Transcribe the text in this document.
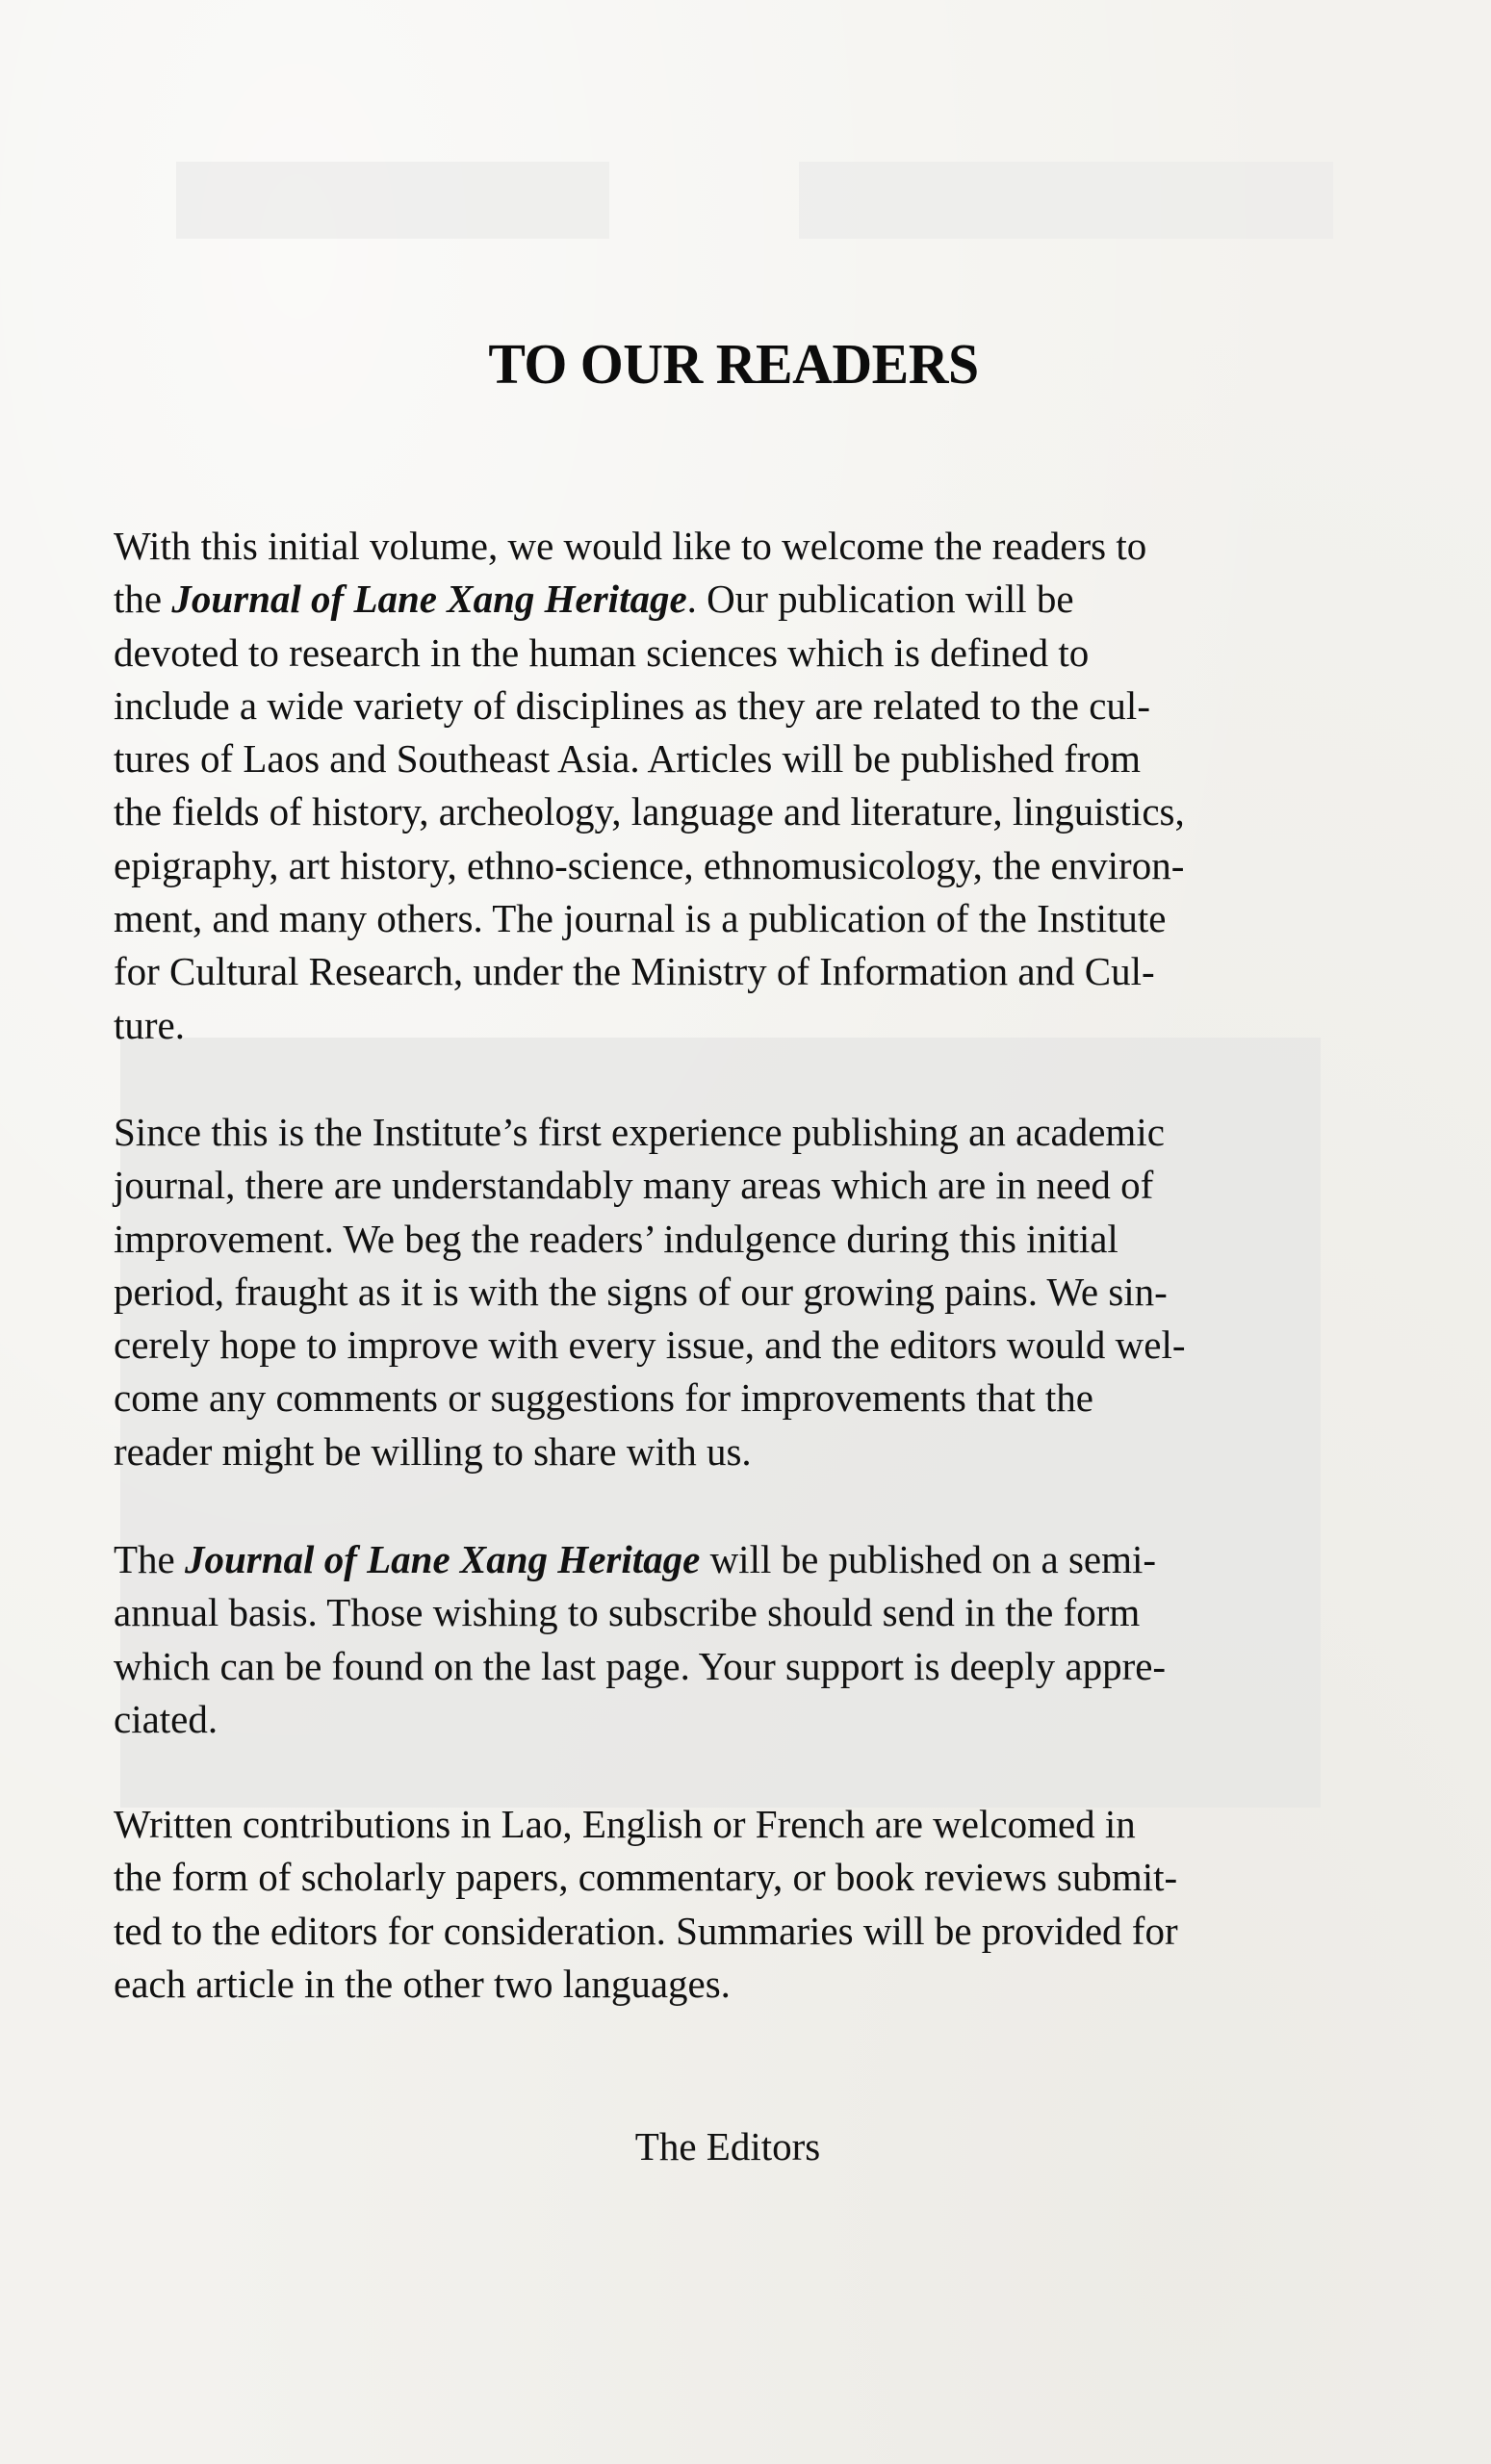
TO OUR READERS
With this initial volume, we would like to welcome the readers to
the Journal of Lane Xang Heritage. Our publication will be
devoted to research in the human sciences which is defined to
include a wide variety of disciplines as they are related to the cul-
tures of Laos and Southeast Asia. Articles will be published from
the fields of history, archeology, language and literature, linguistics,
epigraphy, art history, ethno-science, ethnomusicology, the environ-
ment, and many others. The journal is a publication of the Institute
for Cultural Research, under the Ministry of Information and Cul-
ture.
Since this is the Institute’s first experience publishing an academic
journal, there are understandably many areas which are in need of
improvement. We beg the readers’ indulgence during this initial
period, fraught as it is with the signs of our growing pains. We sin-
cerely hope to improve with every issue, and the editors would wel-
come any comments or suggestions for improvements that the
reader might be willing to share with us.
The Journal of Lane Xang Heritage will be published on a semi-
annual basis. Those wishing to subscribe should send in the form
which can be found on the last page. Your support is deeply appre-
ciated.
Written contributions in Lao, English or French are welcomed in
the form of scholarly papers, commentary, or book reviews submit-
ted to the editors for consideration. Summaries will be provided for
each article in the other two languages.
The Editors
